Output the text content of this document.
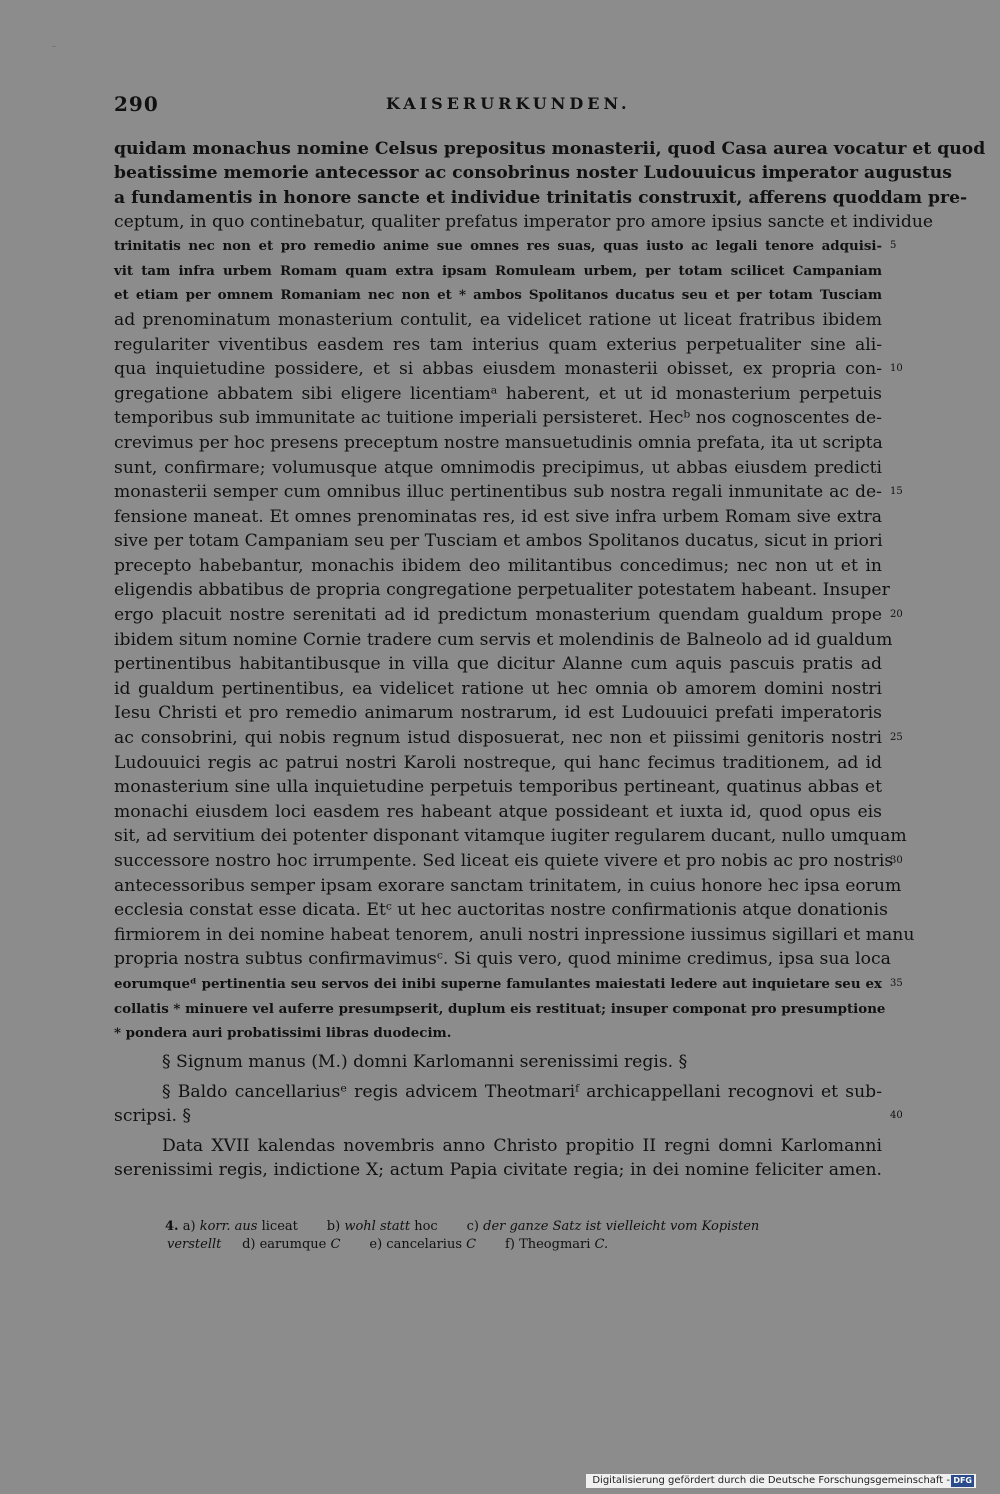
290	KAISERURKUNDEN.
quidam monachus nomine Celsus prepositus monasterii, quod Casa aurea vocatur et quod
beatissime memorie antecessor ac consobrinus noster Ludouuicus imperator augustus
a fundamentis in honore sancte et individue trinitatis construxit, afferens quoddam pre-
ceptum, in quo continebatur, qualiter prefatus imperator pro amore ipsius sancte et individue
trinitatis nec non et pro remedio anime sue omnes res suas, quas iusto ac legali tenore adquisi-
vit tam infra urbem Romam quam extra ipsam Romuleam urbem, per totam scilicet Campaniam
et etiam per omnem Romaniam nec non et * ambos Spolitanos ducatus seu et per totam Tusciam
ad prenominatum monasterium contulit, ea videlicet ratione ut liceat fratribus ibidem
regulariter viventibus easdem res tam interius quam exterius perpetualiter sine ali-
qua inquietudine possidere, et si abbas eiusdem monasterii obisset, ex propria con-
gregatione abbatem sibi eligere licentiamᵃ haberent, et ut id monasterium perpetuis
temporibus sub immunitate ac tuitione imperiali persisteret. Hecᵇ nos cognoscentes de-
crevimus per hoc presens preceptum nostre mansuetudinis omnia prefata, ita ut scripta
sunt, confirmare; volumusque atque omnimodis precipimus, ut abbas eiusdem predicti
monasterii semper cum omnibus illuc pertinentibus sub nostra regali inmunitate ac de-
fensione maneat. Et omnes prenominatas res, id est sive infra urbem Romam sive extra
sive per totam Campaniam seu per Tusciam et ambos Spolitanos ducatus, sicut in priori
precepto habebantur, monachis ibidem deo militantibus concedimus; nec non ut et in
eligendis abbatibus de propria congregatione perpetualiter potestatem habeant. Insuper
ergo placuit nostre serenitati ad id predictum monasterium quendam gualdum prope
ibidem situm nomine Cornie tradere cum servis et molendinis de Balneolo ad id gualdum
pertinentibus habitantibusque in villa que dicitur Alanne cum aquis pascuis pratis ad
id gualdum pertinentibus, ea videlicet ratione ut hec omnia ob amorem domini nostri
Iesu Christi et pro remedio animarum nostrarum, id est Ludouuici prefati imperatoris
ac consobrini, qui nobis regnum istud disposuerat, nec non et piissimi genitoris nostri
Ludouuici regis ac patrui nostri Karoli nostreque, qui hanc fecimus traditionem, ad id
monasterium sine ulla inquietudine perpetuis temporibus pertineant, quatinus abbas et
monachi eiusdem loci easdem res habeant atque possideant et iuxta id, quod opus eis
sit, ad servitium dei potenter disponant vitamque iugiter regularem ducant, nullo umquam
successore nostro hoc irrumpente. Sed liceat eis quiete vivere et pro nobis ac pro nostris
antecessoribus semper ipsam exorare sanctam trinitatem, in cuius honore hec ipsa eorum
ecclesia constat esse dicata. Etᶜ ut hec auctoritas nostre confirmationis atque donationis
firmiorem in dei nomine habeat tenorem, anuli nostri inpressione iussimus sigillari et manu
propria nostra subtus confirmavimusᶜ. Si quis vero, quod minime credimus, ipsa sua loca
eorumqueᵈ pertinentia seu servos dei inibi superne famulantes maiestati ledere aut inquietare seu ex
collatis * minuere vel auferre presumpserit, duplum eis restituat; insuper componat pro presumptione
* pondera auri probatissimi libras duodecim.
§ Signum manus (M.) domni Karlomanni serenissimi regis. §
§ Baldo cancellariusᵉ regis advicem Theotmariᶠ archicappellani recognovi et sub-
scripsi. §
Data XVII kalendas novembris anno Christo propitio II regni domni Karlomanni
serenissimi regis, indictione X; actum Papia civitate regia; in dei nomine feliciter amen.
5
10
15
20
25
30
35
40
4. a) korr. aus liceat b) wohl statt hoc c) der ganze Satz ist vielleicht vom Kopisten
verstellt d) earumque C e) cancelarius C f) Theogmari C.
Digitalisierung gefördert durch die Deutsche Forschungsgemeinschaft - DFG
